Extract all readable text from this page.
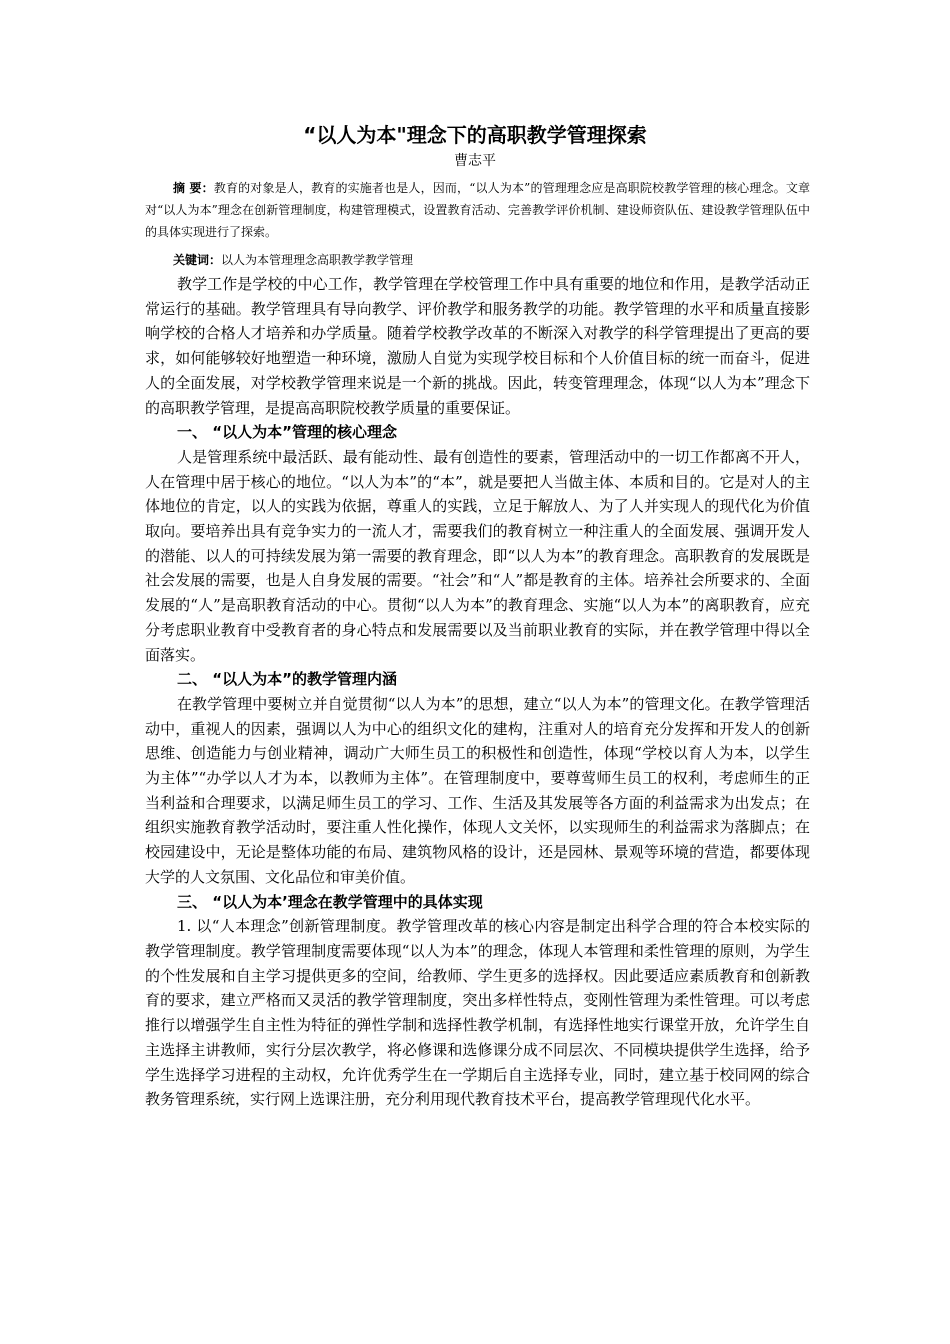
“以人为本"理念下的高职教学管理探索
曹志平

摘 要：教育的对象是人，教育的实施者也是人，因而，“以人为本”的管理理念应是高职院校教学管理的核心理念。文章对“以人为本”理念在创新管理制度，构建管理模式，设置教育活动、完善教学评价机制、建设师资队伍、建设教学管理队伍中的具体实现进行了探索。

关键词：以人为本管理理念高职教学教学管理

教学工作是学校的中心工作，教学管理在学校管理工作中具有重要的地位和作用，是教学活动正常运行的基础。教学管理具有导向教学、评价教学和服务教学的功能。教学管理的水平和质量直接影响学校的合格人才培养和办学质量。随着学校教学改革的不断深入对教学的科学管理提出了更高的要求，如何能够较好地塑造一种环境，激励人自觉为实现学校目标和个人价值目标的统一而奋斗，促进人的全面发展，对学校教学管理来说是一个新的挑战。因此，转变管理理念，体现“以人为本”理念下的高职教学管理，是提高高职院校教学质量的重要保证。

一、 “以人为本”管理的核心理念

人是管理系统中最活跃、最有能动性、最有创造性的要素，管理活动中的一切工作都离不开人，人在管理中居于核心的地位。“以人为本”的“本”，就是要把人当做主体、本质和目的。它是对人的主体地位的肯定，以人的实践为依据，尊重人的实践，立足于解放人、为了人并实现人的现代化为价值取向。要培养出具有竞争实力的一流人才，需要我们的教育树立一种注重人的全面发展、强调开发人的潜能、以人的可持续发展为第一需要的教育理念，即“以人为本”的教育理念。高职教育的发展既是社会发展的需要，也是人自身发展的需要。“社会”和“人”都是教育的主体。培养社会所要求的、全面发展的“人”是高职教育活动的中心。贯彻“以人为本”的教育理念、实施“以人为本”的离职教育，应充分考虑职业教育中受教育者的身心特点和发展需要以及当前职业教育的实际，并在教学管理中得以全面落实。

二、 “以人为本”的教学管理内涵

在教学管理中要树立并自觉贯彻“以人为本”的思想，建立“以人为本”的管理文化。在教学管理活动中，重视人的因素，强调以人为中心的组织文化的建构，注重对人的培育充分发挥和开发人的创新思维、创造能力与创业精神，调动广大师生员工的积极性和创造性，体现“学校以育人为本，以学生为主体”“办学以人才为本，以教师为主体”。在管理制度中，要尊莺师生员工的权利，考虑师生的正当利益和合理要求，以满足师生员工的学习、工作、生活及其发展等各方面的利益需求为出发点；在组织实施教育教学活动时，要注重人性化操作，体现人文关怀，以实现师生的利益需求为落脚点；在校园建设中，无论是整体功能的布局、建筑物风格的设计，还是园林、景观等环境的营造，都要体现大学的人文氛围、文化品位和审美价值。

三、 “以人为本’理念在教学管理中的具体实现

1. 以“人本理念”创新管理制度。教学管理改革的核心内容是制定出科学合理的符合本校实际的教学管理制度。教学管理制度需要体现“以人为本”的理念，体现人本管理和柔性管理的原则，为学生的个性发展和自主学习提供更多的空间，给教师、学生更多的选择权。因此要适应素质教育和创新教育的要求，建立严格而又灵活的教学管理制度，突出多样性特点，变刚性管理为柔性管理。可以考虑推行以增强学生自主性为特征的弹性学制和选择性教学机制，有选择性地实行课堂开放，允许学生自主选择主讲教师，实行分层次教学，将必修课和选修课分成不同层次、不同模块提供学生选择，给予学生选择学习进程的主动权，允许优秀学生在一学期后自主选择专业，同时，建立基于校同网的综合教务管理系统，实行网上选课注册，充分利用现代教育技术平台，提高教学管理现代化水平。
